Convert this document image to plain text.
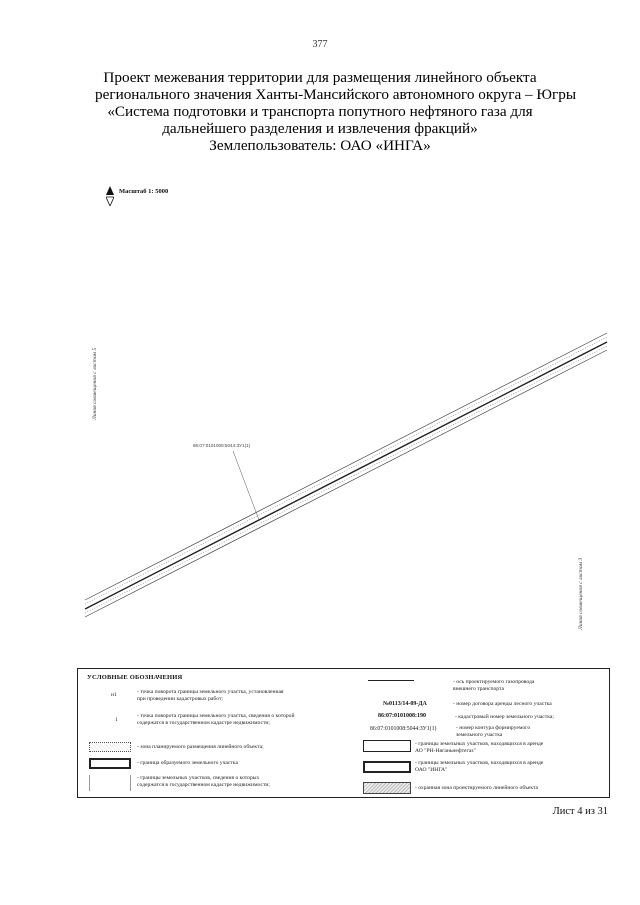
377
Проект межевания территории для размещения линейного объекта
регионального значения Ханты-Мансийского автономного округа – Югры
«Система подготовки и транспорта попутного нефтяного газа для
дальнейшего разделения и извлечения фракций»
Землепользователь: ОАО «ИНГА»
Масштаб 1: 5000
86:07:0101008:5044:ЗУ1(1)
Линия совмещения с листом 5
Линия совмещения с листом 3
УСЛОВНЫЕ ОБОЗНАЧЕНИЯ
н1	- точка поворота границы земельного участка, установленная
при проведении кадастровых работ;
1
- точка поворота границы земельного участка, сведения о которой
содержатся в государственном кадастре недвижимости;
- зона планируемого размещения линейного объекта;
- граница образуемого земельного участка
- границы земельных участков, сведения о которых
содержатся в государственном кадастре недвижимости;
- ось проектируемого газопровода
внешнего транспорта
№0113/14-09-ДА	- номер договора аренды лесного участка
86:07:0101008:190	- кадастровый номер земельного участка;
86:07:0101008:5044:ЗУ1(1)	- номер контура формируемого
земельного участка
- границы земельных участков, находящихся в аренде
АО "РН-Няганьнефтегаз"
- границы земельных участков, находящихся в аренде
ОАО "ИНГА"
- охранная зона проектируемого линейного объекта
Лист 4 из 31
